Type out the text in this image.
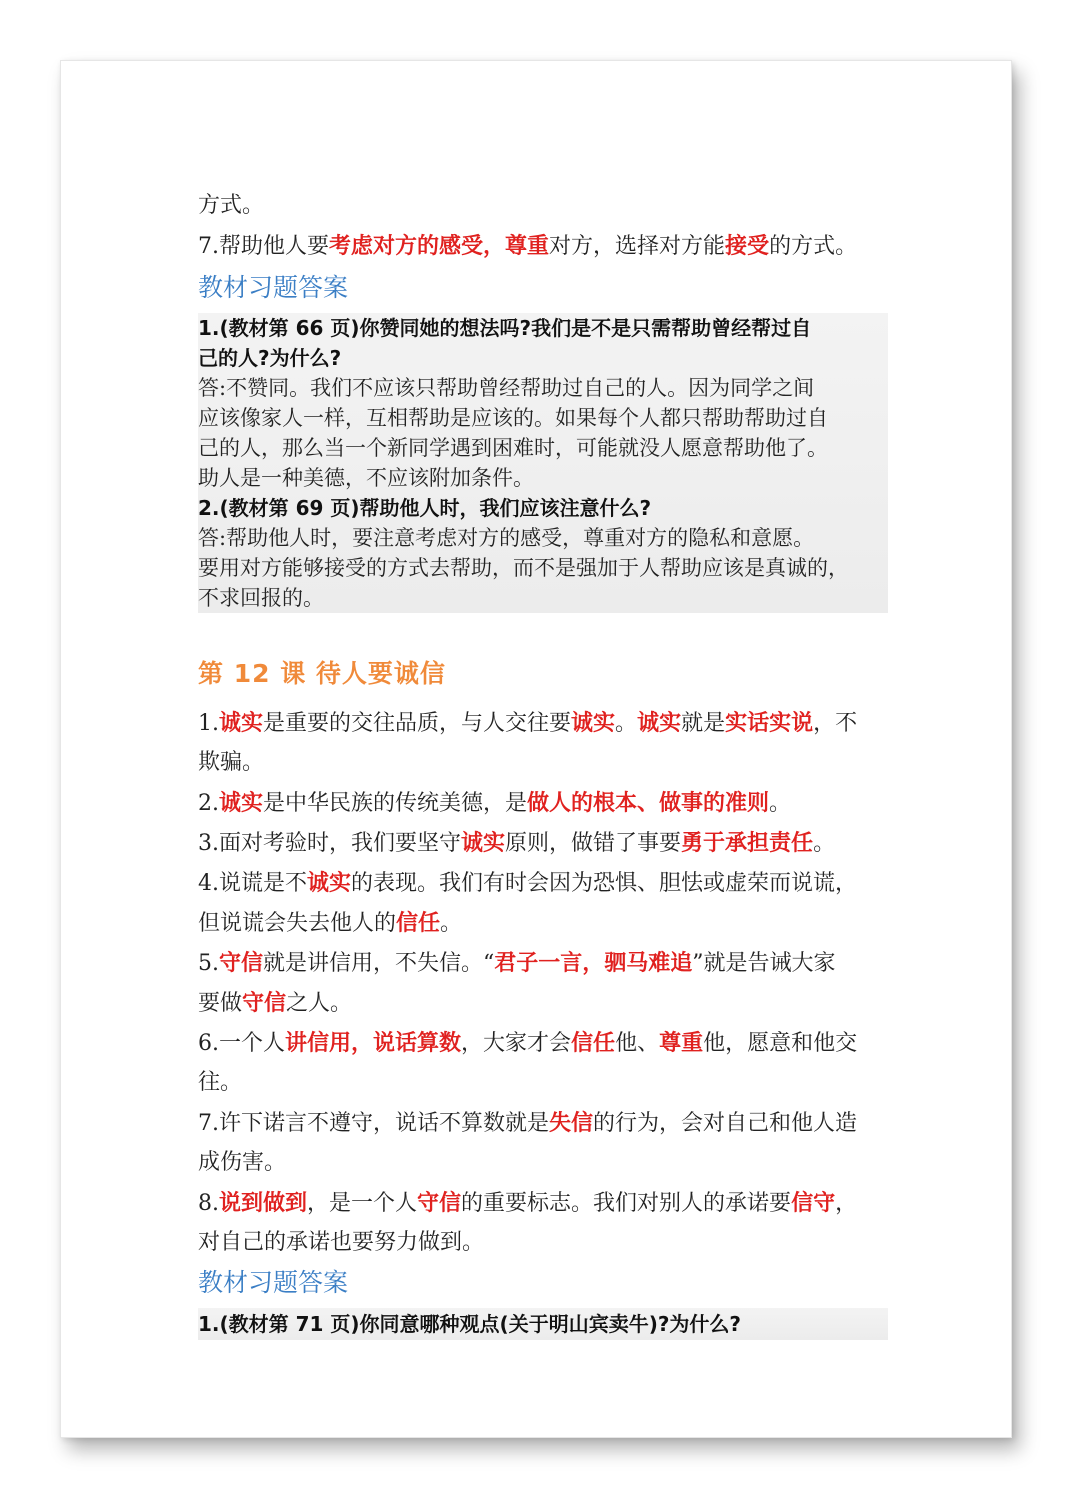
方式。
7.帮助他人要考虑对方的感受，尊重对方，选择对方能接受的方式。
教材习题答案
1.(教材第 66 页)你赞同她的想法吗?我们是不是只需帮助曾经帮过自
己的人?为什么?
答:不赞同。我们不应该只帮助曾经帮助过自己的人。因为同学之间
应该像家人一样，互相帮助是应该的。如果每个人都只帮助帮助过自
己的人，那么当一个新同学遇到困难时，可能就没人愿意帮助他了。
助人是一种美德，不应该附加条件。
2.(教材第 69 页)帮助他人时，我们应该注意什么?
答:帮助他人时，要注意考虑对方的感受，尊重对方的隐私和意愿。
要用对方能够接受的方式去帮助，而不是强加于人帮助应该是真诚的，
不求回报的。
第 12 课 待人要诚信
1.诚实是重要的交往品质，与人交往要诚实。诚实就是实话实说，不
欺骗。
2.诚实是中华民族的传统美德，是做人的根本、做事的准则。
3.面对考验时，我们要坚守诚实原则，做错了事要勇于承担责任。
4.说谎是不诚实的表现。我们有时会因为恐惧、胆怯或虚荣而说谎，
但说谎会失去他人的信任。
5.守信就是讲信用，不失信。“君子一言，驷马难追”就是告诫大家
要做守信之人。
6.一个人讲信用，说话算数，大家才会信任他、尊重他，愿意和他交
往。
7.许下诺言不遵守，说话不算数就是失信的行为，会对自己和他人造
成伤害。
8.说到做到，是一个人守信的重要标志。我们对别人的承诺要信守，
对自己的承诺也要努力做到。
教材习题答案
1.(教材第 71 页)你同意哪种观点(关于明山宾卖牛)?为什么?
